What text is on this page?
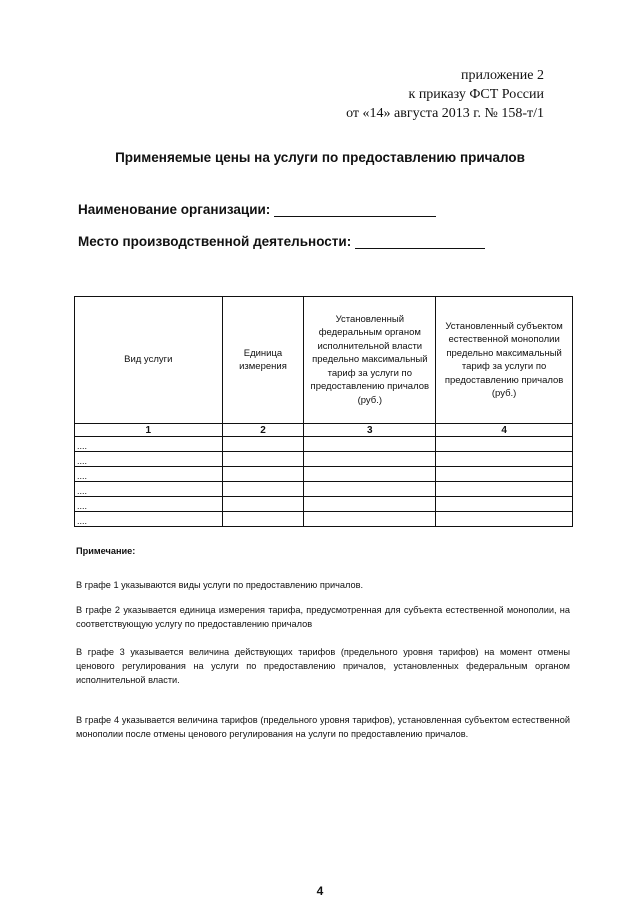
приложение 2
к приказу ФСТ России
от «14» августа 2013 г. № 158-т/1
Применяемые цены на услуги по предоставлению причалов
Наименование организации:
Место производственной деятельности:
Вид услуги	Единица измерения	Установленный федеральным органом исполнительной власти предельно максимальный тариф за услуги по предоставлению причалов (руб.)	Установленный субъектом естественной монополии предельно максимальный тариф за услуги по предоставлению причалов (руб.)
1	2	3	4
....			
....			
....			
....			
....			
....			
Примечание:

В графе 1 указываются виды услуги по предоставлению причалов.

В графе 2 указывается единица измерения тарифа, предусмотренная для субъекта естественной монополии, на соответствующую услугу по предоставлению причалов

В графе 3 указывается величина действующих тарифов (предельного уровня тарифов) на момент отмены ценового регулирования на услуги по предоставлению причалов, установленных федеральным органом исполнительной власти.

В графе 4 указывается величина тарифов (предельного уровня тарифов), установленная субъектом естественной монополии после отмены ценового регулирования на услуги по предоставлению причалов.

4
